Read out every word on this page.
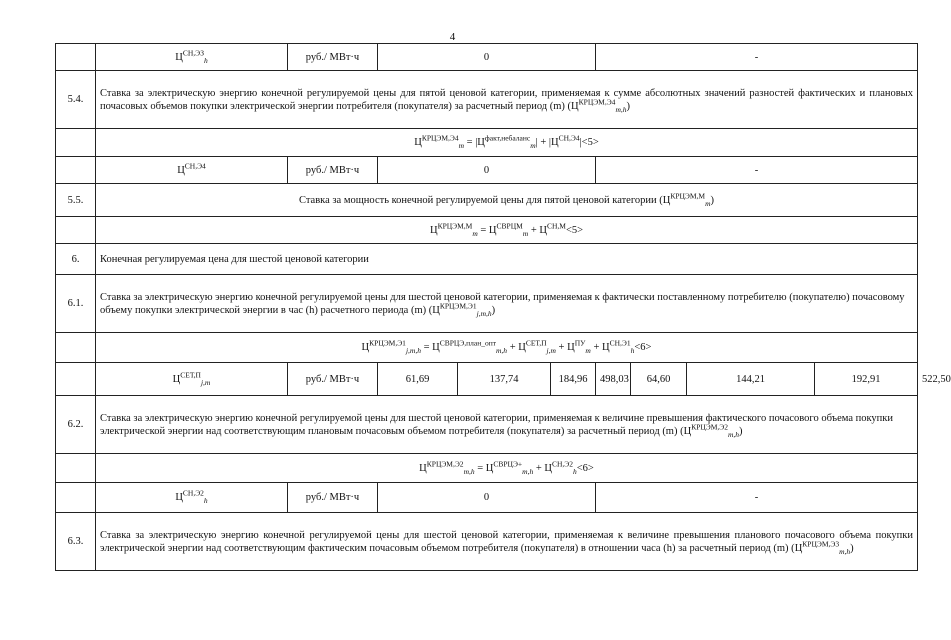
4
	$Ц^{СН,ЭЗ}_h$	руб./ МВт·ч	0			-				
5.4.	Ставка за электрическую энергию конечной регулируемой цены для пятой ценовой категории, применяемая к сумме абсолютных значений разностей фактических и плановых почасовых объемов покупки электрической энергии потребителя (покупателя) за расчетный период (m) $(Ц^{КРЦЭМ,Э4}_{m,h})$									
	$Ц^{КРЦЭМ,Э4}_m = |Ц^{факт,небаланс}_m| + |Ц^{СН,Э4}|<5>$									
	$Ц^{СН,Э4}$	руб./ МВт·ч	0			-				
5.5.	Ставка за мощность конечной регулируемой цены для пятой ценовой категории $(Ц^{КРЦЭМ,М}_m)$									
	$Ц^{КРЦЭМ,М}_m = Ц^{СВРЦМ}_m + Ц^{СН,М}<5>$									
6.	Конечная регулируемая цена для шестой ценовой категории									
6.1.	Ставка за электрическую энергию конечной регулируемой цены для шестой ценовой категории, применяемая к фактически поставленному потребителю (покупателю) почасовому объему покупки электрической энергии в час (h) расчетного периода (m) $(Ц^{КРЦЭМ,Э1}_{j,m,h})$									
	$Ц^{КРЦЭМ,Э1}_{j,m,h} = Ц^{СВРЦЭ,план\_опт}_{m,h} + Ц^{СЕТ,П}_{j,m} + Ц^{ПУ}_m + Ц^{СН,Э1}_h<6>$									
	$Ц^{СЕТ,П}_{j,m}$	руб./ МВт·ч	61,69	137,74	184,96	498,03	64,60	144,21	192,91	522,50
6.2.	Ставка за электрическую энергию конечной регулируемой цены для шестой ценовой категории, применяемая к величине превышения фактического почасового объема покупки электрической энергии над соответствующим плановым почасовым объемом потребителя (покупателя) за расчетный период (m) $(Ц^{КРЦЭМ,Э2}_{m,h})$									
	$Ц^{КРЦЭМ,Э2}_{m,h} = Ц^{СВРЦЭ+}_{m,h} + Ц^{СН,Э2}_h<6>$									
	$Ц^{СН,Э2}_h$	руб./ МВт·ч	0			-				
6.3.	Ставка за электрическую энергию конечной регулируемой цены для шестой ценовой категории, применяемая к величине превышения планового почасового объема покупки электрической энергии над соответствующим фактическим почасовым объемом потребителя (покупателя) в отношении часа (h) за расчетный период (m) $(Ц^{КРЦЭМ,Э3}_{m,h})$									
